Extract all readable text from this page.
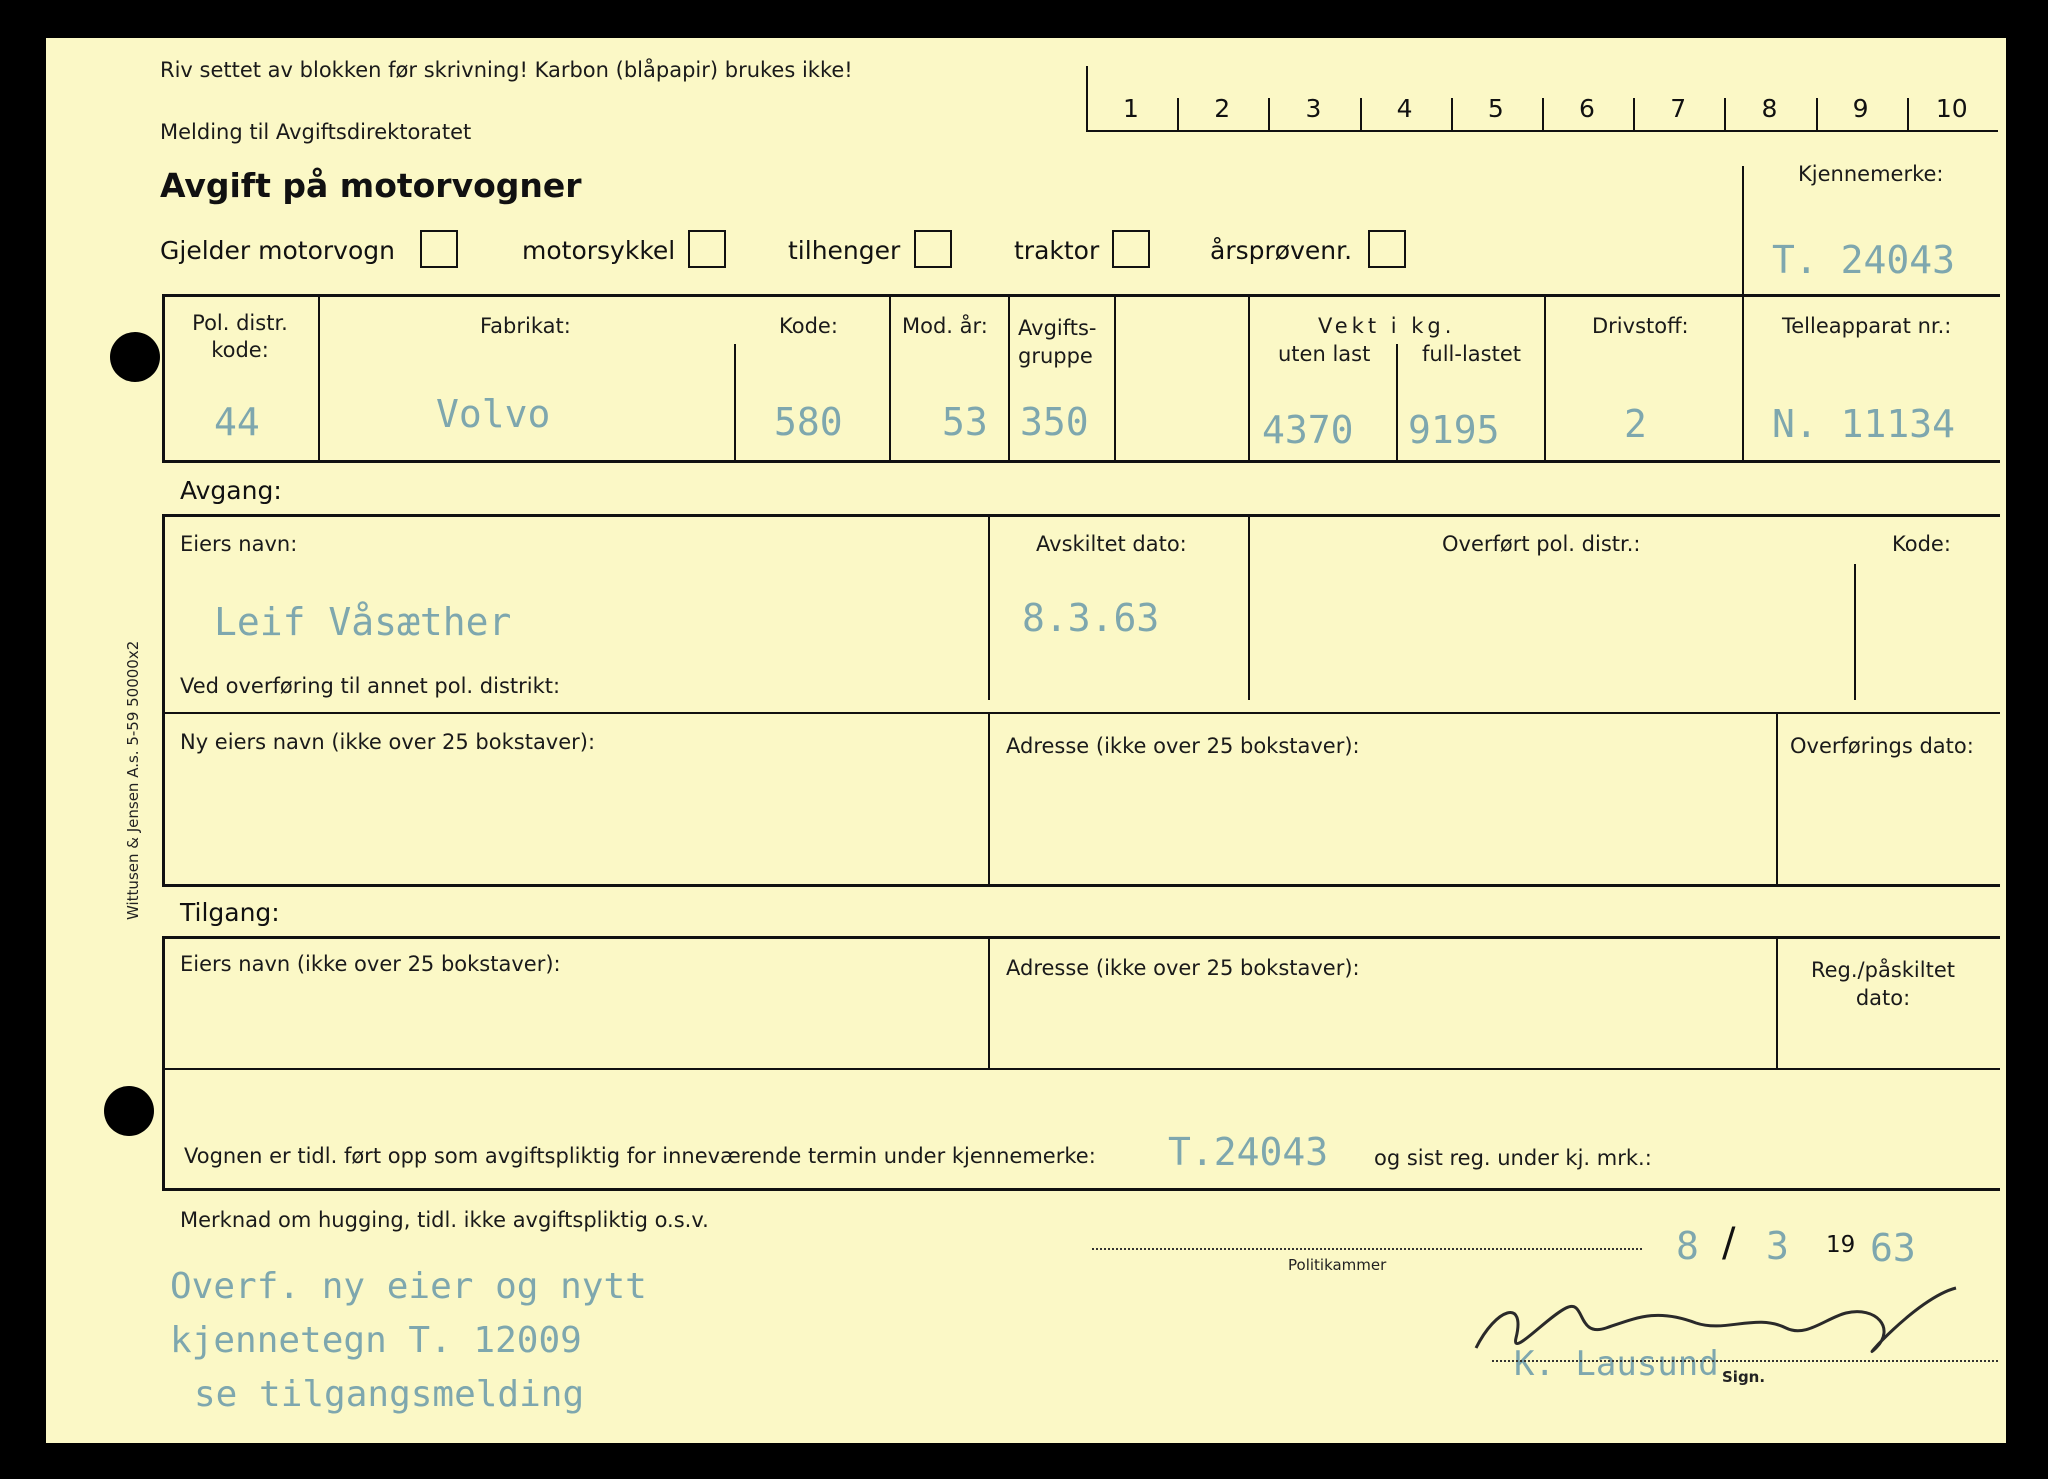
Riv settet av blokken før skrivning! Karbon (blåpapir) brukes ikke!
Melding til Avgiftsdirektoratet
Avgift på motorvogner	Kjennemerke:
T. 24043
Gjelder motorvogn	motorsykkel	tilhenger	traktor	årsprøvenr.
Pol. distr. kode:
44
Fabrikat:
Volvo
Kode:
580
Mod. år:
53
Avgifts-gruppe
350
Vekt i kg.
uten last full-lastet
4370 9195
Drivstoff:
2
Telleapparat nr.:
N. 11134
Avgang:
Eiers navn:
Leif Våsæther
Avskiltet dato:
8.3.63
Overført pol. distr.:	Kode:
Ved overføring til annet pol. distrikt:
Ny eiers navn (ikke over 25 bokstaver):	Adresse (ikke over 25 bokstaver):	Overførings dato:
Tilgang:
Eiers navn (ikke over 25 bokstaver):	Adresse (ikke over 25 bokstaver):	Reg./påskiltet dato:
Vognen er tidl. ført opp som avgiftspliktig for inneværende termin under kjennemerke: T.24043 og sist reg. under kj. mrk.:
Merknad om hugging, tidl. ikke avgiftspliktig o.s.v.
Overf. ny eier og nytt
kjennetegn T. 12009
se tilgangsmelding
Politikammer	8 / 3 19 63
K. Lausund Sign.
Wittusen & Jensen A.s. 5-59 50000x2
1	2	3	4	5	6	7	8	9	10
